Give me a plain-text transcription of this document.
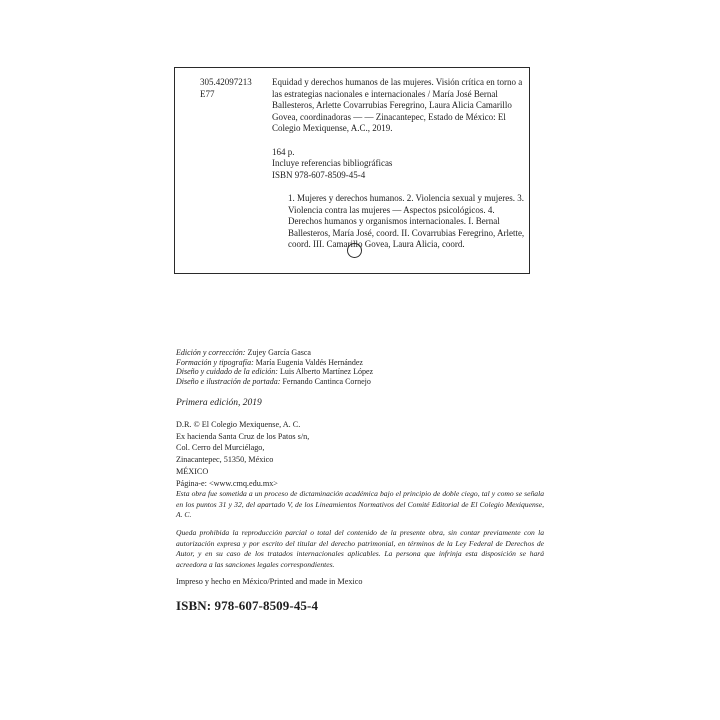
305.42097213
E77

Equidad y derechos humanos de las mujeres. Visión crítica en torno a las estrategias nacionales e internacionales / María José Bernal Ballesteros, Arlette Covarrubias Feregrino, Laura Alicia Camarillo Govea, coordinadoras — — Zinacantepec, Estado de México: El Colegio Mexiquense, A.C., 2019.

164 p.

Incluye referencias bibliográficas

ISBN 978-607-8509-45-4

1. Mujeres y derechos humanos. 2. Violencia sexual y mujeres. 3. Violencia contra las mujeres — Aspectos psicológicos. 4. Derechos humanos y organismos internacionales. I. Bernal Ballesteros, María José, coord. II. Covarrubias Feregrino, Arlette, coord. III. Camarillo Govea, Laura Alicia, coord.

Edición y corrección: Zujey García Gasca
Formación y tipografía: María Eugenia Valdés Hernández
Diseño y cuidado de la edición: Luis Alberto Martínez López
Diseño e ilustración de portada: Fernando Cantinca Cornejo
Primera edición, 2019
D.R. © El Colegio Mexiquense, A. C.
Ex hacienda Santa Cruz de los Patos s/n,
Col. Cerro del Murciélago,
Zinacantepec, 51350, México
MÉXICO
Página-e: <www.cmq.edu.mx>
Esta obra fue sometida a un proceso de dictaminación académica bajo el principio de doble ciego, tal y como se señala en los puntos 31 y 32, del apartado V, de los Lineamientos Normativos del Comité Editorial de El Colegio Mexiquense, A. C.
Queda prohibida la reproducción parcial o total del contenido de la presente obra, sin contar previamente con la autorización expresa y por escrito del titular del derecho patrimonial, en términos de la Ley Federal de Derechos de Autor, y en su caso de los tratados internacionales aplicables. La persona que infrinja esta disposición se hará acreedora a las sanciones legales correspondientes.
Impreso y hecho en México/Printed and made in Mexico
ISBN: 978-607-8509-45-4
